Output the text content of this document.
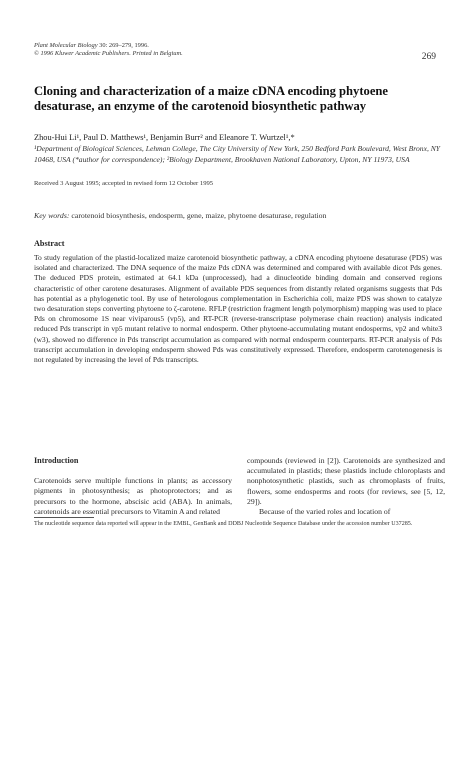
Plant Molecular Biology 30: 269–279, 1996.
© 1996 Kluwer Academic Publishers. Printed in Belgium.	269
Cloning and characterization of a maize cDNA encoding phytoene desaturase, an enzyme of the carotenoid biosynthetic pathway
Zhou-Hui Li¹, Paul D. Matthews¹, Benjamin Burr² and Eleanore T. Wurtzel¹,*
¹Department of Biological Sciences, Lehman College, The City University of New York, 250 Bedford Park Boulevard, West Bronx, NY 10468, USA (*author for correspondence); ²Biology Department, Brookhaven National Laboratory, Upton, NY 11973, USA
Received 3 August 1995; accepted in revised form 12 October 1995
Key words: carotenoid biosynthesis, endosperm, gene, maize, phytoene desaturase, regulation
Abstract
To study regulation of the plastid-localized maize carotenoid biosynthetic pathway, a cDNA encoding phytoene desaturase (PDS) was isolated and characterized. The DNA sequence of the maize Pds cDNA was determined and compared with available dicot Pds genes. The deduced PDS protein, estimated at 64.1 kDa (unprocessed), had a dinucleotide binding domain and conserved regions characteristic of other carotene desaturases. Alignment of available PDS sequences from distantly related organisms suggests that Pds has potential as a phylogenetic tool. By use of heterologous complementation in Escherichia coli, maize PDS was shown to catalyze two desaturation steps converting phytoene to ζ-carotene. RFLP (restriction fragment length polymorphism) mapping was used to place Pds on chromosome 1S near viviparous5 (vp5), and RT-PCR (reverse-transcriptase polymerase chain reaction) analysis indicated reduced Pds transcript in vp5 mutant relative to normal endosperm. Other phytoene-accumulating mutant endosperms, vp2 and white3 (w3), showed no difference in Pds transcript accumulation as compared with normal endosperm counterparts. RT-PCR analysis of Pds transcript accumulation in developing endosperm showed Pds was constitutively expressed. Therefore, endosperm carotenogenesis is not regulated by increasing the level of Pds transcripts.
Introduction
Carotenoids serve multiple functions in plants; as accessory pigments in photosynthesis; as photoprotectors; and as precursors to the hormone, abscisic acid (ABA). In animals, carotenoids are essential precursors to Vitamin A and related
compounds (reviewed in [2]). Carotenoids are synthesized and accumulated in plastids; these plastids include chloroplasts and nonphotosynthetic plastids, such as chromoplasts of fruits, flowers, some endosperms and roots (for reviews, see [5, 12, 29]).
Because of the varied roles and location of
The nucleotide sequence data reported will appear in the EMBL, GenBank and DDBJ Nucleotide Sequence Database under the accession number U37285.
